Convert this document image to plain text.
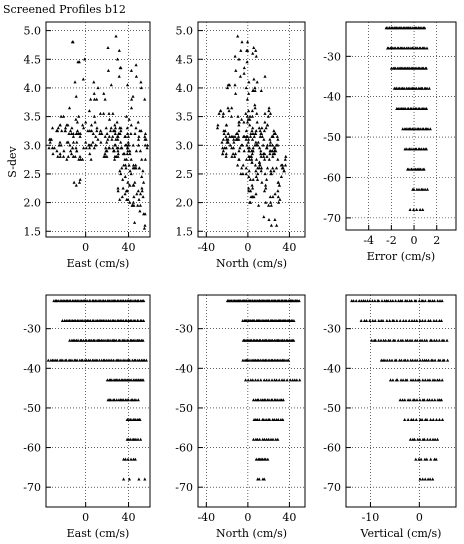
Screened Profiles b12
S-dev
0	40
1.5
2.0
2.5
3.0
3.5
4.0
4.5
5.0
East (cm/s)
-40	0	40
1.5
2.0
2.5
3.0
3.5
4.0
4.5
5.0
North (cm/s)
-4 -2 0 2
-30
-40
-50
-60
-70
Error (cm/s)
0	40
-30
-40
-50
-60
-70
East (cm/s)
-40	0	40
-30
-40
-50
-60
-70
North (cm/s)
-10	0
-30
-40
-50
-60
-70
Vertical (cm/s)
